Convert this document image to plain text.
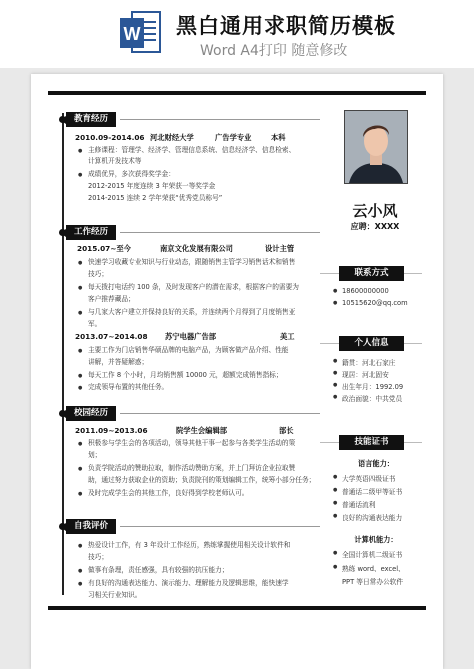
W 黑白通用求职简历模板
Word A4打印 随意修改
教育经历
2010.09-2014.06 河北财经大学	广告学专业	本科
● 主修课程：管理学、经济学、管理信息系统、信息经济学、信息检索、
计算机开发技术等
● 成绩优异，多次获得奖学金：
2012-2015 年度连续 3 年荣获一等奖学金
2014-2015 连续 2 学年荣获“优秀党员称号”
工作经历
2015.07~至今	南京文化发展有限公司	设计主管
● 快速学习收藏专业知识与行业动态，跟随销售主管学习销售话术和销售
技巧；
● 每天拨打电话约 100 条，及时发现客户的潜在需求，根据客户的需要为
客户推荐藏品；
● 与几家大客户建立并保持良好的关系，并连续两个月得到了月度销售亚
军。
2013.07~2014.08 苏宁电器广告部	美工
● 主要工作为门店销售华硕品牌的电脑产品，为顾客做产品介绍、性能
讲解，并答疑解惑；
● 每天工作 8 个小时，月均销售额 10000 元，超额完成销售指标；
● 完成领导布置的其他任务。
校园经历
2011.09~2013.06	院学生会编辑部	部长
● 积极参与学生会的各项活动，领导其他干事一起参与各类学生活动的策
划；
● 负责学院活动的赞助拉取，制作活动赞助方案，并上门拜访企业拉取赞
助，通过努力获取企业的资助；负责院刊的策划编辑工作，统筹小部分任务；
● 及时完成学生会的其他工作，良好得到学校老师认可。
自我评价
● 热爱设计工作，有 3 年设计工作经历，熟练掌握使用相关设计软件和
技巧；
● 做事有条理，责任感强，具有较强的抗压能力；
● 有良好的沟通表达能力、演示能力、理解能力及逻辑思维，能快速学
习相关行业知识。
云小风
应聘：XXXX
联系方式
● 18600000000
● 10515620@qq.com
个人信息
● 籍贯：河北石家庄
● 现居：河北固安
● 出生年月：1992.09
● 政治面貌：中共党员
技能证书
语言能力：
● 大学英语四级证书
● 普通话二级甲等证书
● 普通话流利
● 良好的沟通表达能力
计算机能力：
● 全国计算机二级证书
● 熟练 word、excel、
PPT 等日常办公软件
